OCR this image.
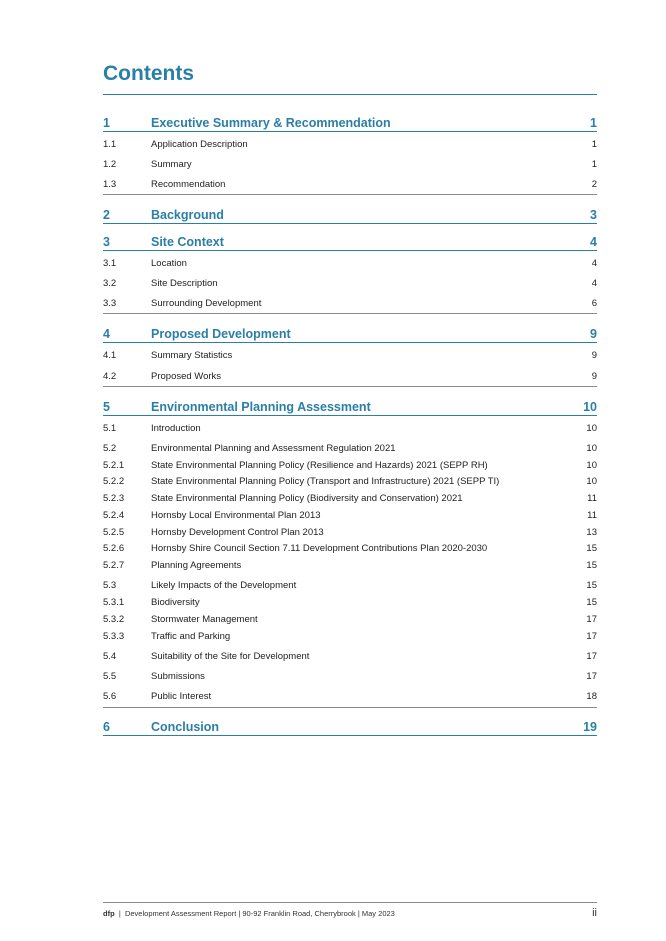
Contents
1	Executive Summary & Recommendation	1
1.1	Application Description	1
1.2	Summary	1
1.3	Recommendation	2
2	Background	3
3	Site Context	4
3.1	Location	4
3.2	Site Description	4
3.3	Surrounding Development	6
4	Proposed Development	9
4.1	Summary Statistics	9
4.2	Proposed Works	9
5	Environmental Planning Assessment	10
5.1	Introduction	10
5.2	Environmental Planning and Assessment Regulation 2021	10
5.2.1	State Environmental Planning Policy (Resilience and Hazards) 2021 (SEPP RH)	10
5.2.2	State Environmental Planning Policy (Transport and Infrastructure) 2021 (SEPP TI)	10
5.2.3	State Environmental Planning Policy (Biodiversity and Conservation) 2021	11
5.2.4	Hornsby Local Environmental Plan 2013	11
5.2.5	Hornsby Development Control Plan 2013	13
5.2.6	Hornsby Shire Council Section 7.11 Development Contributions Plan 2020-2030	15
5.2.7	Planning Agreements	15
5.3	Likely Impacts of the Development	15
5.3.1	Biodiversity	15
5.3.2	Stormwater Management	17
5.3.3	Traffic and Parking	17
5.4	Suitability of the Site for Development	17
5.5	Submissions	17
5.6	Public Interest	18
6	Conclusion	19
dfp  |  Development Assessment Report | 90-92 Franklin Road, Cherrybrook | May 2023	ii
